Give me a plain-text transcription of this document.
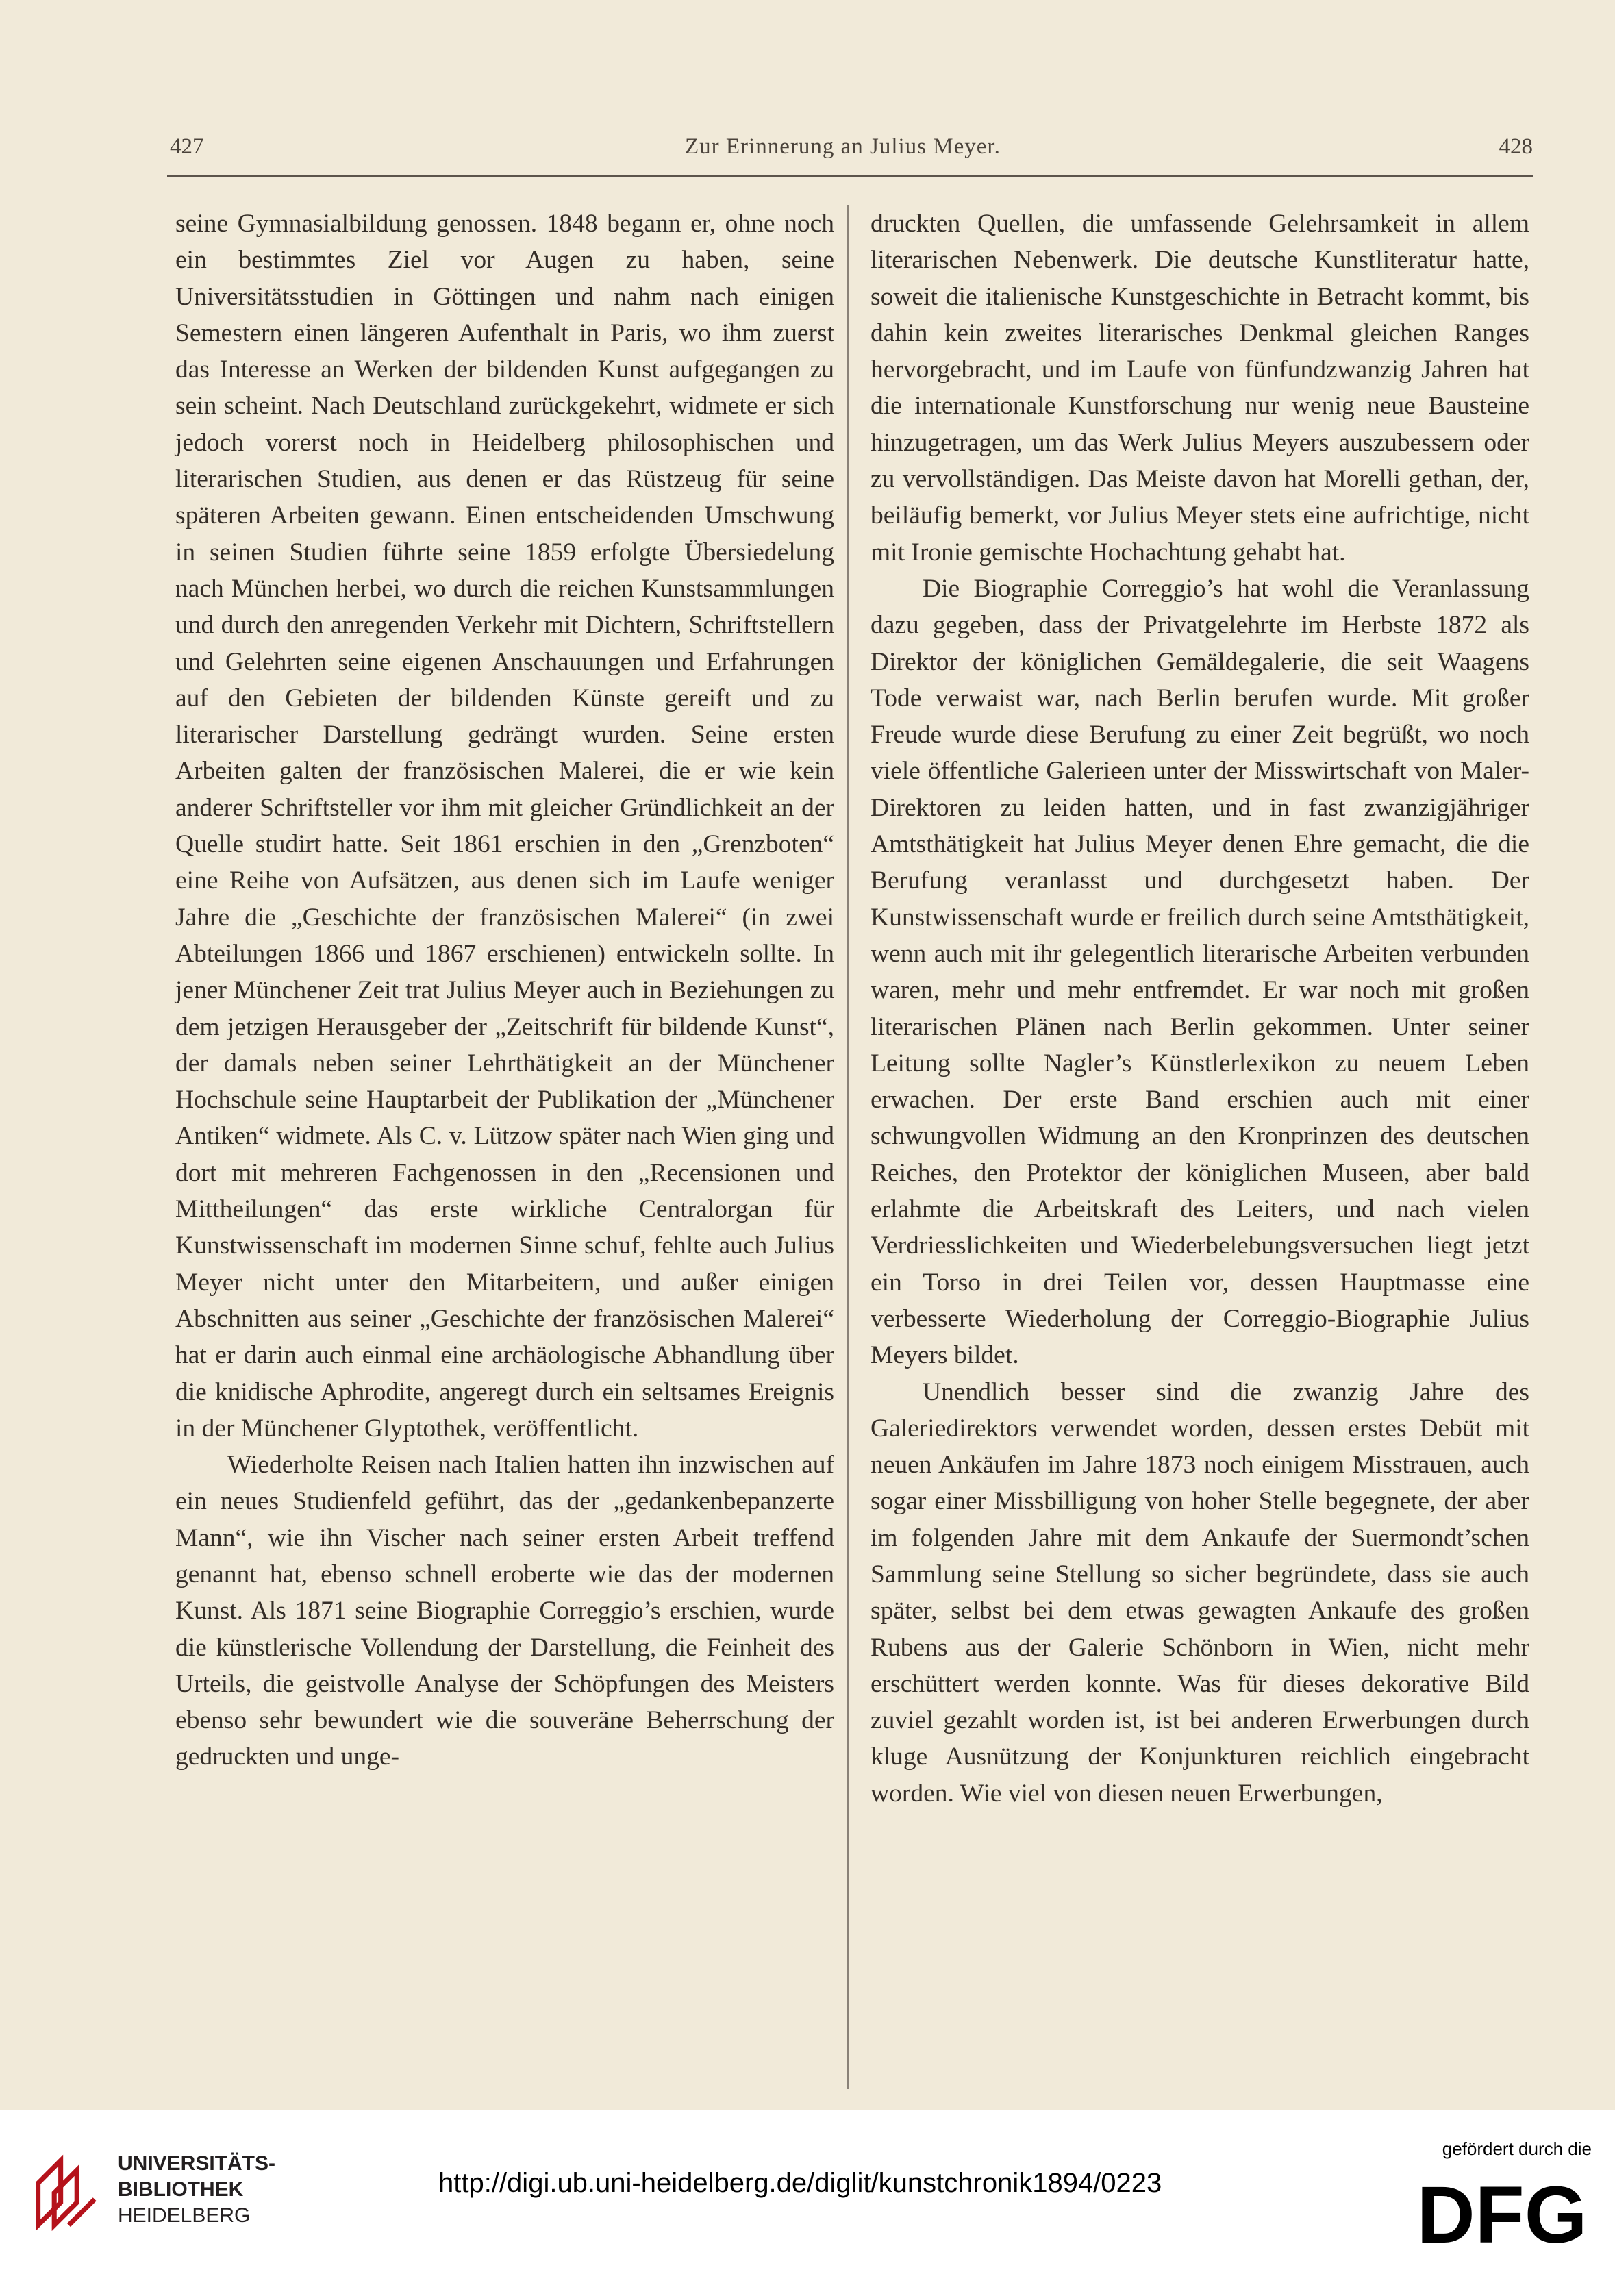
427	Zur Erinnerung an Julius Meyer.	428

seine Gymnasialbildung genossen. 1848 begann er, ohne noch ein bestimmtes Ziel vor Augen zu haben, seine Universitätsstudien in Göttingen und nahm nach einigen Semestern einen längeren Aufenthalt in Paris, wo ihm zuerst das Interesse an Werken der bildenden Kunst aufgegangen zu sein scheint. Nach Deutschland zurückgekehrt, widmete er sich jedoch vorerst noch in Heidelberg philosophischen und literarischen Studien, aus denen er das Rüstzeug für seine späteren Arbeiten gewann. Einen entscheidenden Umschwung in seinen Studien führte seine 1859 erfolgte Übersiedelung nach München herbei, wo durch die reichen Kunstsammlungen und durch den anregenden Verkehr mit Dichtern, Schriftstellern und Gelehrten seine eigenen Anschauungen und Erfahrungen auf den Gebieten der bildenden Künste gereift und zu literarischer Darstellung gedrängt wurden. Seine ersten Arbeiten galten der französischen Malerei, die er wie kein anderer Schriftsteller vor ihm mit gleicher Gründlichkeit an der Quelle studirt hatte. Seit 1861 erschien in den „Grenzboten“ eine Reihe von Aufsätzen, aus denen sich im Laufe weniger Jahre die „Geschichte der französischen Malerei“ (in zwei Abteilungen 1866 und 1867 erschienen) entwickeln sollte. In jener Münchener Zeit trat Julius Meyer auch in Beziehungen zu dem jetzigen Herausgeber der „Zeitschrift für bildende Kunst“, der damals neben seiner Lehrthätigkeit an der Münchener Hochschule seine Hauptarbeit der Publikation der „Münchener Antiken“ widmete. Als C. v. Lützow später nach Wien ging und dort mit mehreren Fachgenossen in den „Recensionen und Mittheilungen“ das erste wirkliche Centralorgan für Kunstwissenschaft im modernen Sinne schuf, fehlte auch Julius Meyer nicht unter den Mitarbeitern, und außer einigen Abschnitten aus seiner „Geschichte der französischen Malerei“ hat er darin auch einmal eine archäologische Abhandlung über die knidische Aphrodite, angeregt durch ein seltsames Ereignis in der Münchener Glyptothek, veröffentlicht.

Wiederholte Reisen nach Italien hatten ihn inzwischen auf ein neues Studienfeld geführt, das der „gedankenbepanzerte Mann“, wie ihn Vischer nach seiner ersten Arbeit treffend genannt hat, ebenso schnell eroberte wie das der modernen Kunst. Als 1871 seine Biographie Correggio’s erschien, wurde die künstlerische Vollendung der Darstellung, die Feinheit des Urteils, die geistvolle Analyse der Schöpfungen des Meisters ebenso sehr bewundert wie die souveräne Beherrschung der gedruckten und unge-

druckten Quellen, die umfassende Gelehrsamkeit in allem literarischen Nebenwerk. Die deutsche Kunstliteratur hatte, soweit die italienische Kunstgeschichte in Betracht kommt, bis dahin kein zweites literarisches Denkmal gleichen Ranges hervorgebracht, und im Laufe von fünfundzwanzig Jahren hat die internationale Kunstforschung nur wenig neue Bausteine hinzugetragen, um das Werk Julius Meyers auszubessern oder zu vervollständigen. Das Meiste davon hat Morelli gethan, der, beiläufig bemerkt, vor Julius Meyer stets eine aufrichtige, nicht mit Ironie gemischte Hochachtung gehabt hat.

Die Biographie Correggio’s hat wohl die Veranlassung dazu gegeben, dass der Privatgelehrte im Herbste 1872 als Direktor der königlichen Gemäldegalerie, die seit Waagens Tode verwaist war, nach Berlin berufen wurde. Mit großer Freude wurde diese Berufung zu einer Zeit begrüßt, wo noch viele öffentliche Galerieen unter der Misswirtschaft von Maler-Direktoren zu leiden hatten, und in fast zwanzigjähriger Amtsthätigkeit hat Julius Meyer denen Ehre gemacht, die die Berufung veranlasst und durchgesetzt haben. Der Kunstwissenschaft wurde er freilich durch seine Amtsthätigkeit, wenn auch mit ihr gelegentlich literarische Arbeiten verbunden waren, mehr und mehr entfremdet. Er war noch mit großen literarischen Plänen nach Berlin gekommen. Unter seiner Leitung sollte Nagler’s Künstlerlexikon zu neuem Leben erwachen. Der erste Band erschien auch mit einer schwungvollen Widmung an den Kronprinzen des deutschen Reiches, den Protektor der königlichen Museen, aber bald erlahmte die Arbeitskraft des Leiters, und nach vielen Verdriesslichkeiten und Wiederbelebungsversuchen liegt jetzt ein Torso in drei Teilen vor, dessen Hauptmasse eine verbesserte Wiederholung der Correggio-Biographie Julius Meyers bildet.

Unendlich besser sind die zwanzig Jahre des Galeriedirektors verwendet worden, dessen erstes Debüt mit neuen Ankäufen im Jahre 1873 noch einigem Misstrauen, auch sogar einer Missbilligung von hoher Stelle begegnete, der aber im folgenden Jahre mit dem Ankaufe der Suermondt’schen Sammlung seine Stellung so sicher begründete, dass sie auch später, selbst bei dem etwas gewagten Ankaufe des großen Rubens aus der Galerie Schönborn in Wien, nicht mehr erschüttert werden konnte. Was für dieses dekorative Bild zuviel gezahlt worden ist, ist bei anderen Erwerbungen durch kluge Ausnützung der Konjunkturen reichlich eingebracht worden. Wie viel von diesen neuen Erwerbungen,

UNIVERSITÄTS-
BIBLIOTHEK
HEIDELBERG
http://digi.ub.uni-heidelberg.de/diglit/kunstchronik1894/0223
gefördert durch die
DFG
